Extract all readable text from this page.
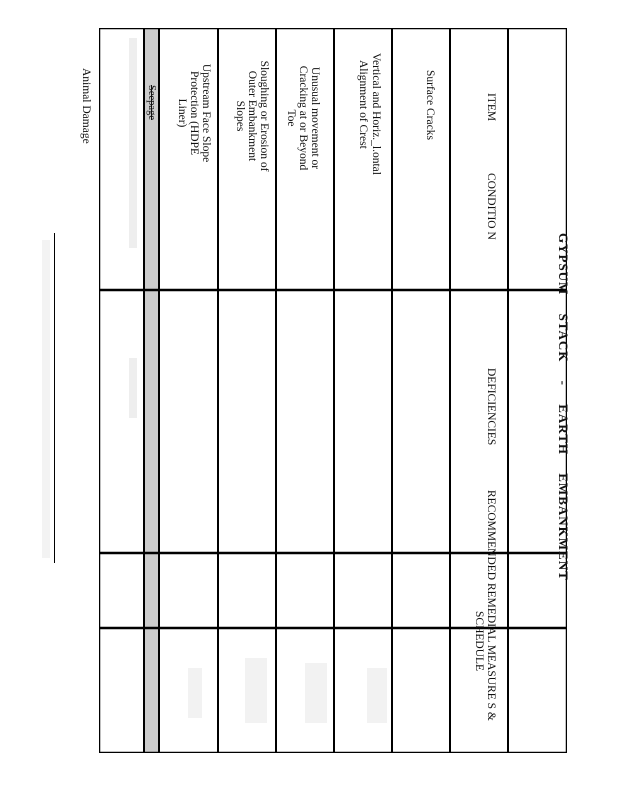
GYPSUM STACK - EARTH EMBANKMENT
ITEM
CONDITIO N
DEFICIENCIES
RECOMMENDED REMEDIAL MEASURE S &
SCHEDULE
Surface Cracks
Vertical and Horiz._l.ontal
Alignment of Crest
Unusual movement or
Cracking at or Beyond
Toe
Sloughing or Erosion of
Outer Embankment
Slopes
Upstream Face Slope
Protection (HDPE
Liner)
Seepage
Animal Damage
